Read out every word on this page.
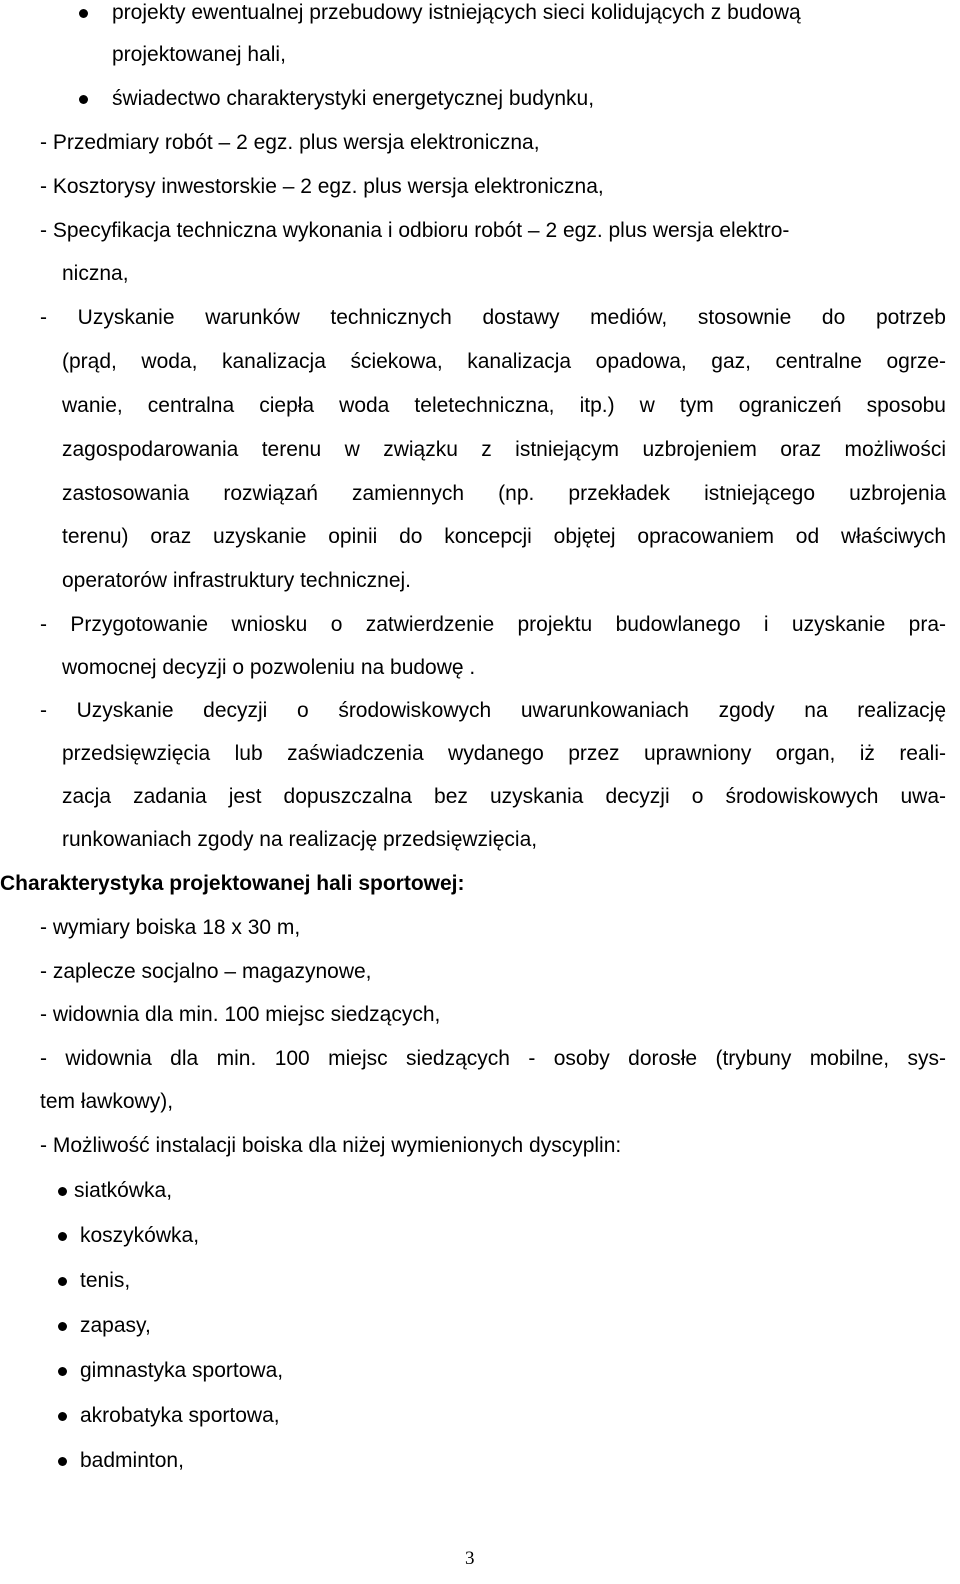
projekty ewentualnej przebudowy istniejących sieci kolidujących z budową
projektowanej hali,
świadectwo charakterystyki energetycznej budynku,
- Przedmiary robót – 2 egz. plus wersja elektroniczna,
- Kosztorysy inwestorskie – 2 egz. plus wersja elektroniczna,
- Specyfikacja techniczna wykonania i odbioru robót – 2 egz. plus wersja elektro-
niczna,
- Uzyskanie warunków technicznych dostawy mediów, stosownie do potrzeb
(prąd, woda, kanalizacja ściekowa, kanalizacja opadowa, gaz, centralne ogrze-
wanie, centralna ciepła woda teletechniczna, itp.) w tym ograniczeń sposobu
zagospodarowania terenu w związku z istniejącym uzbrojeniem oraz możliwości
zastosowania rozwiązań zamiennych (np. przekładek istniejącego uzbrojenia
terenu) oraz uzyskanie opinii do koncepcji objętej opracowaniem od właściwych
operatorów infrastruktury technicznej.
- Przygotowanie wniosku o zatwierdzenie projektu budowlanego i uzyskanie pra-
womocnej decyzji o pozwoleniu na budowę .
- Uzyskanie decyzji o środowiskowych uwarunkowaniach zgody na realizację
przedsięwzięcia lub zaświadczenia wydanego przez uprawniony organ, iż reali-
zacja zadania jest dopuszczalna bez uzyskania decyzji o środowiskowych uwa-
runkowaniach zgody na realizację przedsięwzięcia,
Charakterystyka projektowanej hali sportowej:
- wymiary boiska 18 x 30 m,
- zaplecze socjalno – magazynowe,
- widownia dla min. 100 miejsc siedzących,
- widownia dla min. 100 miejsc siedzących - osoby dorosłe (trybuny mobilne, sys-
tem ławkowy),
- Możliwość instalacji boiska dla niżej wymienionych dyscyplin:
siatkówka,
koszykówka,
tenis,
zapasy,
gimnastyka sportowa,
akrobatyka sportowa,
badminton,
3
